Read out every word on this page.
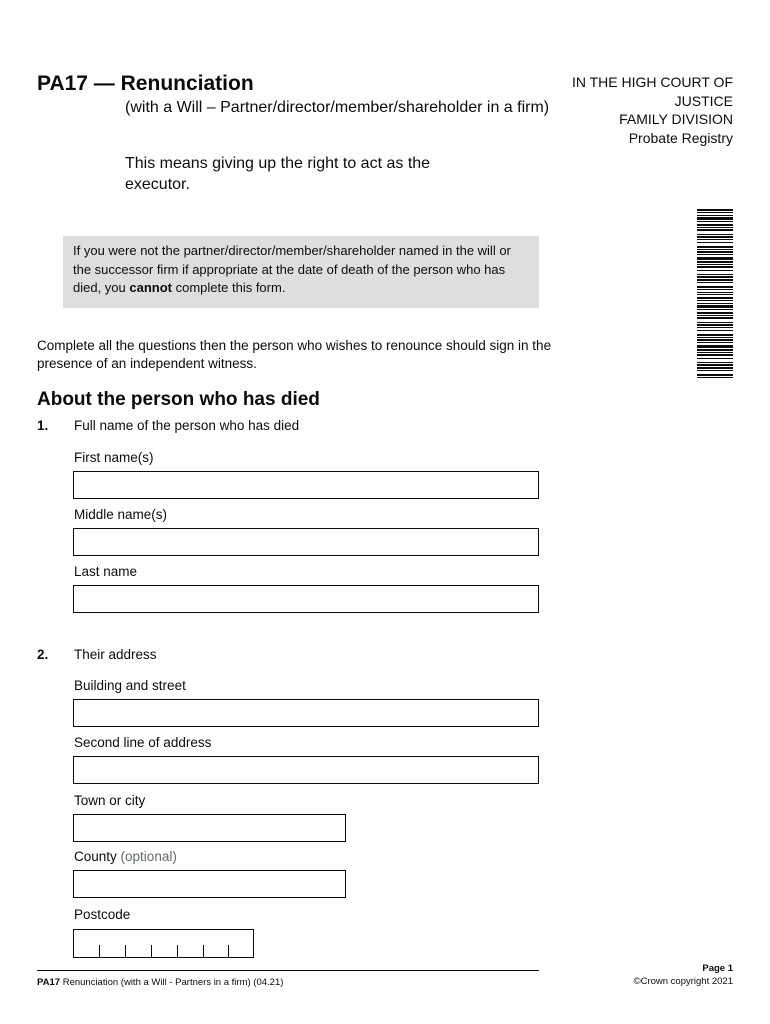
PA17 — Renunciation
(with a Will – Partner/director/member/shareholder in a firm)
This means giving up the right to act as the executor.
IN THE HIGH COURT OF
JUSTICE
FAMILY DIVISION
Probate Registry
If you were not the partner/director/member/shareholder named in the will or the successor firm if appropriate at the date of death of the person who has died, you cannot complete this form.
Complete all the questions then the person who wishes to renounce should sign in the presence of an independent witness.
About the person who has died
1. Full name of the person who has died
First name(s)
Middle name(s)
Last name
2. Their address
Building and street
Second line of address
Town or city
County (optional)
Postcode
PA17 Renunciation (with a Will - Partners in a firm) (04.21)
Page 1
©Crown copyright 2021
